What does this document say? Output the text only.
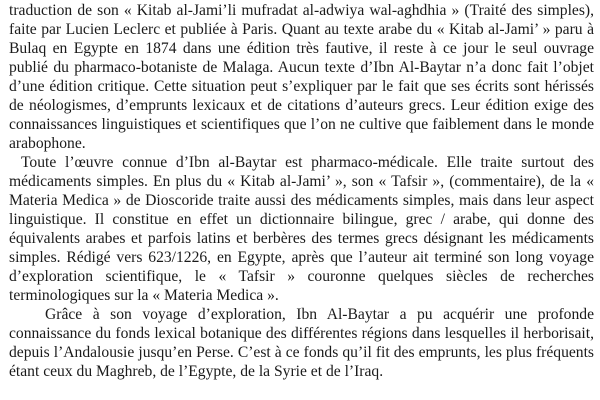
traduction de son « Kitab al-Jami’li mufradat al-adwiya wal-aghdhia » (Traité des simples), faite par Lucien Leclerc et publiée à Paris. Quant au texte arabe du « Kitab al-Jami’ » paru à Bulaq en Egypte en 1874 dans une édition très fautive, il reste à ce jour le seul ouvrage publié du pharmaco-botaniste de Malaga. Aucun texte d’Ibn Al-Baytar n’a donc fait l’objet d’une édition critique. Cette situation peut s’expliquer par le fait que ses écrits sont hérissés de néologismes, d’emprunts lexicaux et de citations d’auteurs grecs. Leur édition exige des connaissances linguistiques et scientifiques que l’on ne cultive que faiblement dans le monde arabophone.

Toute l’œuvre connue d’Ibn al-Baytar est pharmaco-médicale. Elle traite surtout des médicaments simples. En plus du « Kitab al-Jami’ », son « Tafsir », (commentaire), de la « Materia Medica » de Dioscoride traite aussi des médicaments simples, mais dans leur aspect linguistique. Il constitue en effet un dictionnaire bilingue, grec / arabe, qui donne des équivalents arabes et parfois latins et berbères des termes grecs désignant les médicaments simples. Rédigé vers 623/1226, en Egypte, après que l’auteur ait terminé son long voyage d’exploration scientifique, le « Tafsir » couronne quelques siècles de recherches terminologiques sur la « Materia Medica ».

Grâce à son voyage d’exploration, Ibn Al-Baytar a pu acquérir une profonde connaissance du fonds lexical botanique des différentes régions dans lesquelles il herborisait, depuis l’Andalousie jusqu’en Perse. C’est à ce fonds qu’il fit des emprunts, les plus fréquents étant ceux du Maghreb, de l’Egypte, de la Syrie et de l’Iraq.
